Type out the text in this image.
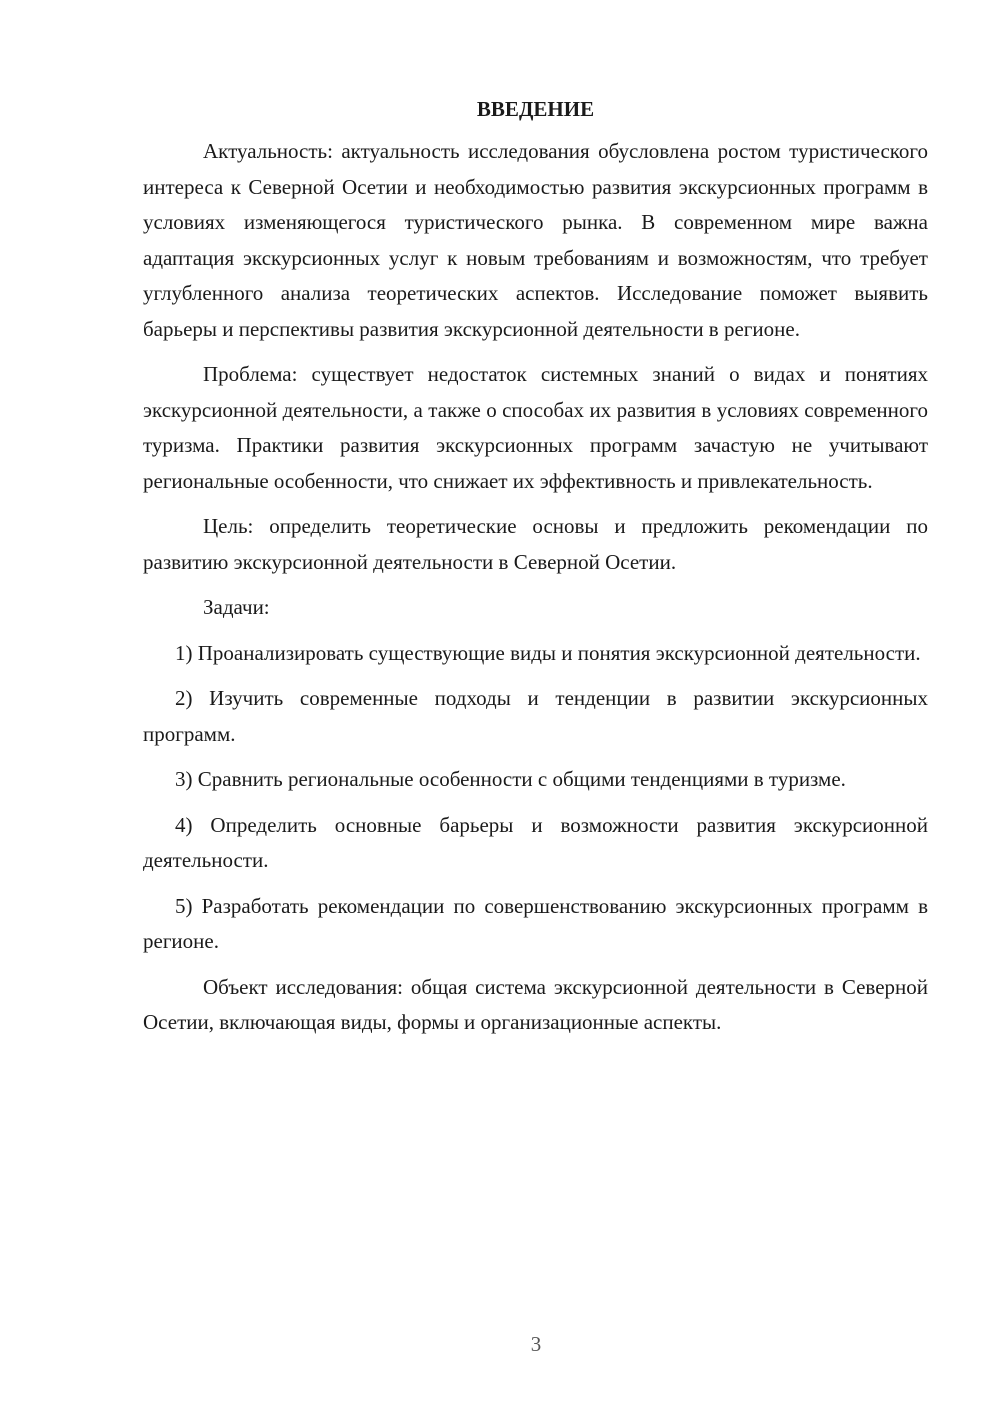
ВВЕДЕНИЕ

Актуальность: актуальность исследования обусловлена ростом туристического интереса к Северной Осетии и необходимостью развития экскурсионных программ в условиях изменяющегося туристического рынка. В современном мире важна адаптация экскурсионных услуг к новым требованиям и возможностям, что требует углубленного анализа теоретических аспектов. Исследование поможет выявить барьеры и перспективы развития экскурсионной деятельности в регионе.

Проблема: существует недостаток системных знаний о видах и понятиях экскурсионной деятельности, а также о способах их развития в условиях современного туризма. Практики развития экскурсионных программ зачастую не учитывают региональные особенности, что снижает их эффективность и привлекательность.

Цель: определить теоретические основы и предложить рекомендации по развитию экскурсионной деятельности в Северной Осетии.

Задачи:

1) Проанализировать существующие виды и понятия экскурсионной деятельности.

2) Изучить современные подходы и тенденции в развитии экскурсионных программ.

3) Сравнить региональные особенности с общими тенденциями в туризме.

4) Определить основные барьеры и возможности развития экскурсионной деятельности.

5) Разработать рекомендации по совершенствованию экскурсионных программ в регионе.

Объект исследования: общая система экскурсионной деятельности в Северной Осетии, включающая виды, формы и организационные аспекты.

3
